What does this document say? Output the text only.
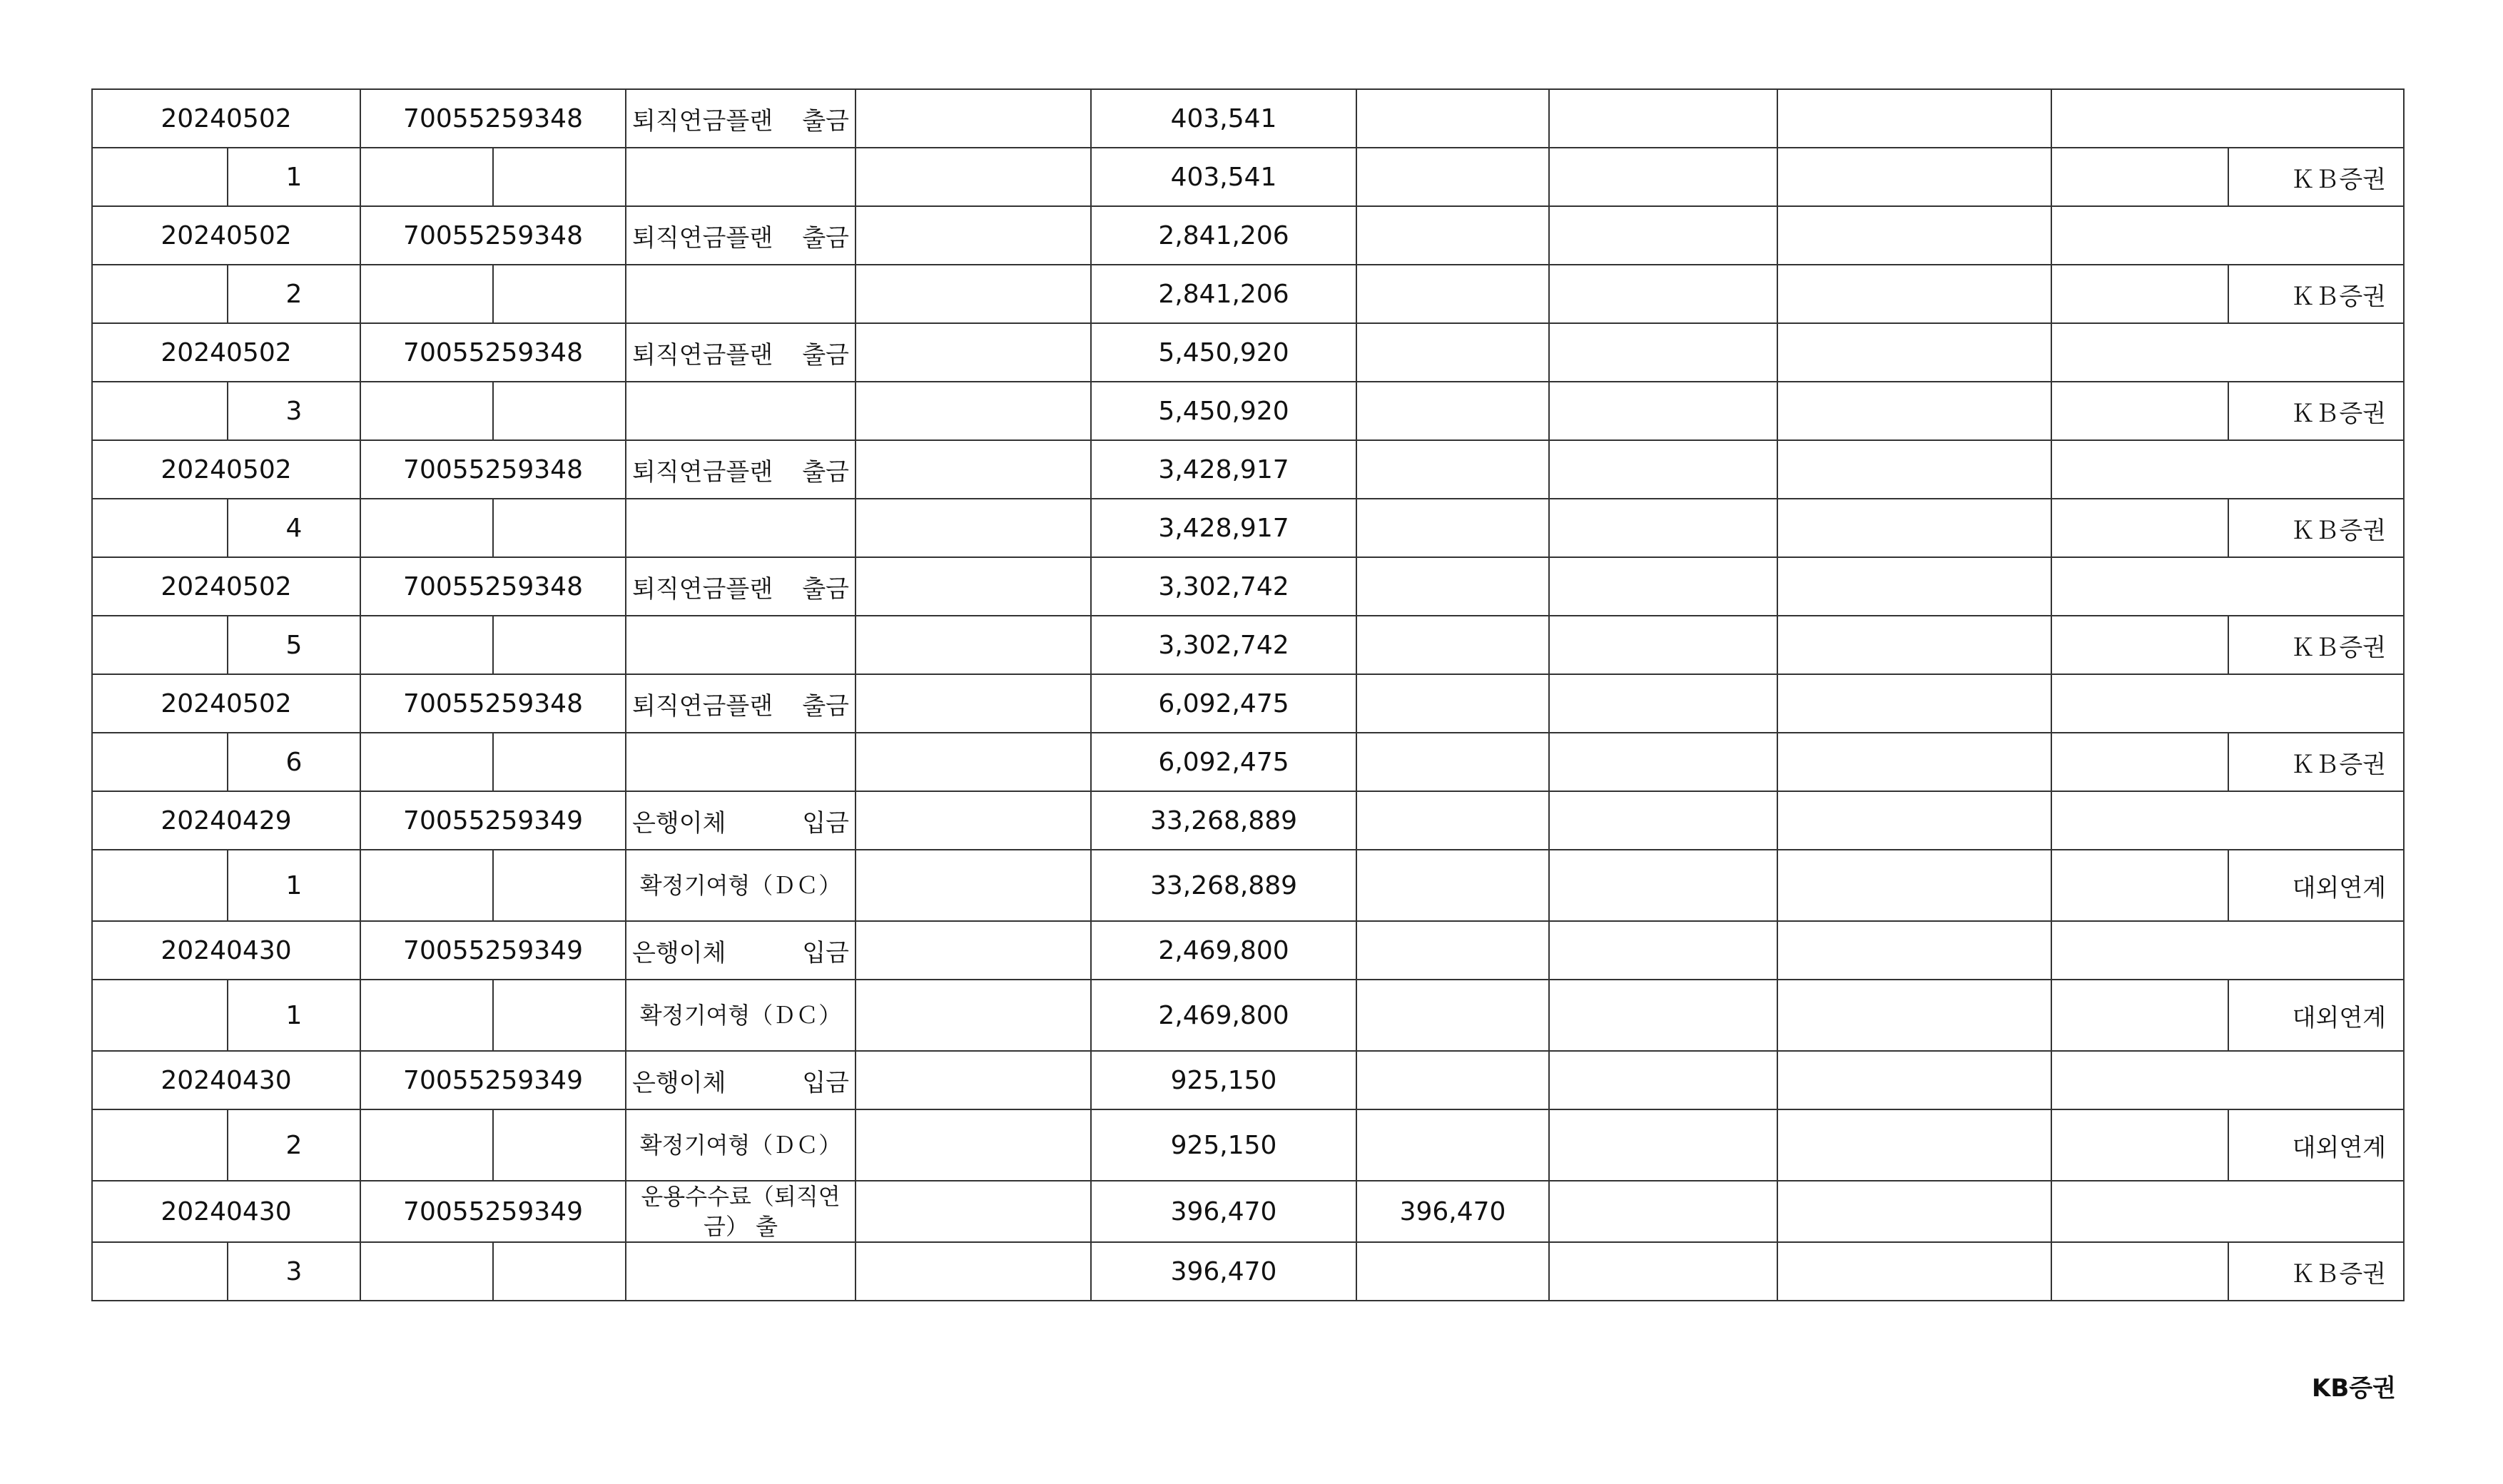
20240502		70055259348		퇴직연금플랜 출금		403,541					
	1					403,541					ＫＢ증권
20240502		70055259348		퇴직연금플랜 출금		2,841,206					
	2					2,841,206					ＫＢ증권
20240502		70055259348		퇴직연금플랜 출금		5,450,920					
	3					5,450,920					ＫＢ증권
20240502		70055259348		퇴직연금플랜 출금		3,428,917					
	4					3,428,917					ＫＢ증권
20240502		70055259348		퇴직연금플랜 출금		3,302,742					
	5					3,302,742					ＫＢ증권
20240502		70055259348		퇴직연금플랜 출금		6,092,475					
	6					6,092,475					ＫＢ증권
20240429		70055259349		은행이체 입금		33,268,889					
	1			확정기여형（ＤＣ）		33,268,889					대외연계
20240430		70055259349		은행이체 입금		2,469,800					
	1			확정기여형（ＤＣ）		2,469,800					대외연계
20240430		70055259349		은행이체 입금		925,150					
	2			확정기여형（ＤＣ）		925,150					대외연계
20240430		70055259349		운용수수료（퇴직연금） 출		396,470	396,470				
	3					396,470					ＫＢ증권
KB증권
